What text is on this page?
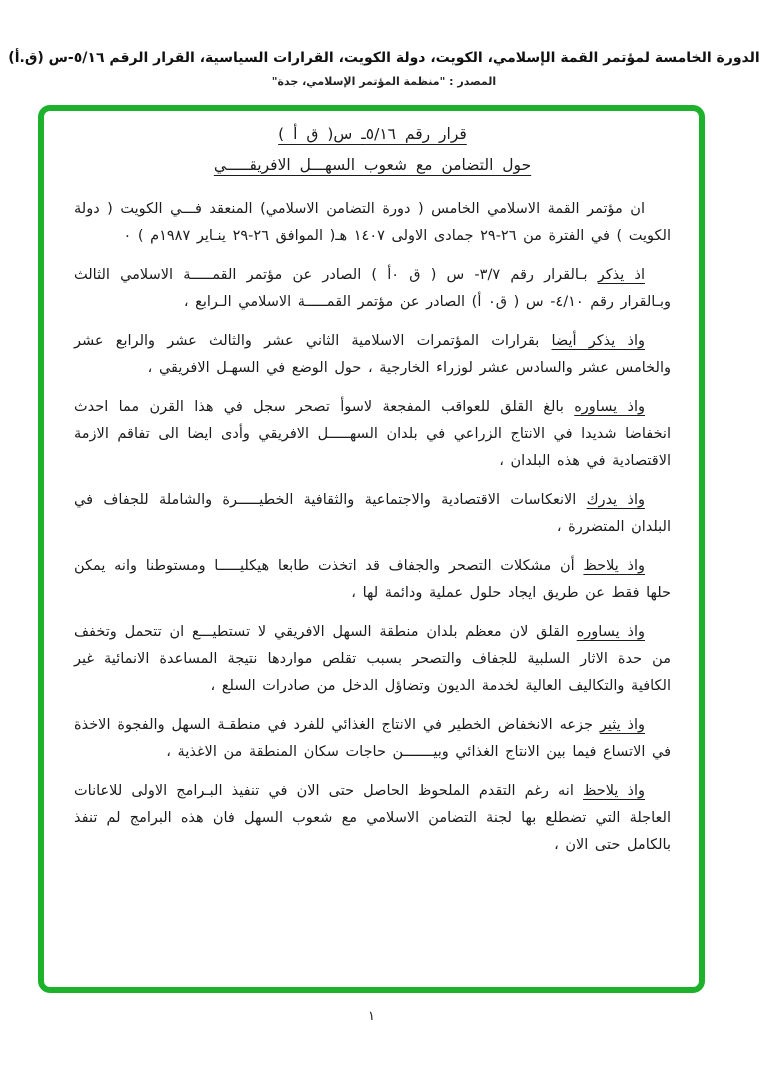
الدورة الخامسة لمؤتمر القمة الإسلامي، الكويت، دولة الكويت، القرارات السياسية، القرار الرقم ٥/١٦-س (ق.أ)
المصدر : "منظمة المؤتمر الإسلامي، جدة"
قرار رقم ٥/١٦ـ س( ق أ )
حول التضامن مع شعوب السهـــل الافريقـــــي
ان مؤتمر القمة الاسلامي الخامس ( دورة التضامن الاسلامي) المنعقد فـــي الكويت ( دولة الكويت ) في الفترة من ٢٦-٢٩ جمادى الاولى ١٤٠٧ هـ( الموافق ٢٦-٢٩ ينـاير ١٩٨٧م ) ٠
اذ يذكر بـالقرار رقم ٣/٧- س ( ق ٠أ ) الصادر عن مؤتمر القمـــــة الاسلامي الثالث وبـالقرار رقم ٤/١٠- س ( ق٠ أ) الصادر عن مؤتمر القمـــــة الاسلامي الـرابع ،
واذ يذكر أيضا بقرارات المؤتمرات الاسلامية الثاني عشر والثالث عشر والرابع عشر والخامس عشر والسادس عشر لوزراء الخارجية ، حول الوضع في السهـل الافريقي ،
واذ يساوره بالغ القلق للعواقب المفجعة لاسوأ تصحر سجل في هذا القرن مما احدث انخفاضا شديدا في الانتاج الزراعي في بلدان السهـــــل الافريقي وأدى ايضا الى تفاقم الازمة الاقتصادية في هذه البلدان ،
واذ يدرك الانعكاسات الاقتصادية والاجتماعية والثقافية الخطيـــــرة والشاملة للجفاف في البلدان المتضررة ،
واذ يلاحظ أن مشكلات التصحر والجفاف قد اتخذت طابعا هيكليـــــا ومستوطنا وانه يمكن حلها فقط عن طريق ايجاد حلول عملية ودائمة لها ،
واذ يساوره القلق لان معظم بلدان منطقة السهل الافريقي لا تستطيـــع ان تتحمل وتخفف من حدة الاثار السلبية للجفاف والتصحر بسبب تقلص مواردها نتيجة المساعدة الانمائية غير الكافية والتكاليف العالية لخدمة الديون وتضاؤل الدخل من صادرات السلع ،
واذ يثير جزعه الانخفاض الخطير في الانتاج الغذائي للفرد في منطقـة السهل والفجوة الاخذة في الاتساع فيما بين الانتاج الغذائي وبيـــــــن حاجات سكان المنطقة من الاغذية ،
واذ يلاحظ انه رغم التقدم الملحوظ الحاصل حتى الان في تنفيذ البـرامج الاولى للاعانات العاجلة التي تضطلع بها لجنة التضامن الاسلامي مع شعوب السهل فان هذه البرامج لم تنفذ بالكامل حتى الان ،
١
